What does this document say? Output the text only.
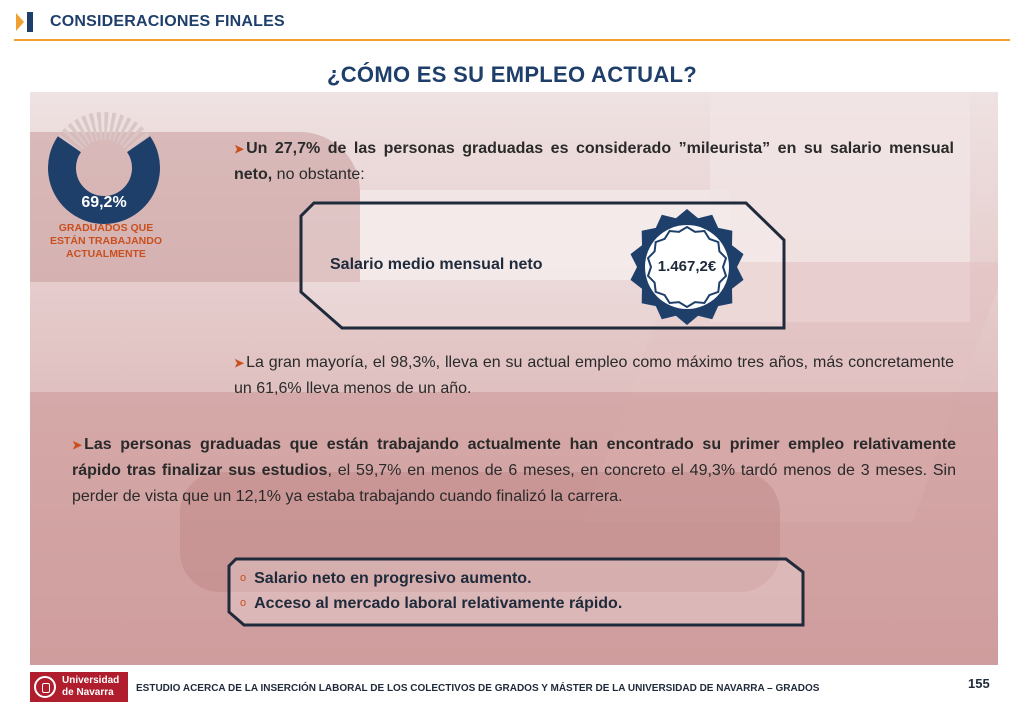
CONSIDERACIONES FINALES
¿CÓMO ES SU EMPLEO ACTUAL?
69,2%
GRADUADOS QUE
ESTÁN TRABAJANDO
ACTUALMENTE
➤ Un 27,7% de las personas graduadas es considerado ”mileurista” en su salario mensual neto, no obstante:
Salario medio mensual neto	1.467,2€
➤ La gran mayoría, el 98,3%, lleva en su actual empleo como máximo tres años, más concretamente un 61,6% lleva menos de un año.
➤ Las personas graduadas que están trabajando actualmente han encontrado su primer empleo relativamente rápido tras finalizar sus estudios, el 59,7% en menos de 6 meses, en concreto el 49,3% tardó menos de 3 meses. Sin perder de vista que un 12,1% ya estaba trabajando cuando finalizó la carrera.
o Salario neto en progresivo aumento.
o Acceso al mercado laboral relativamente rápido.
Universidad
de Navarra	ESTUDIO ACERCA DE LA INSERCIÓN LABORAL DE LOS COLECTIVOS DE GRADOS Y MÁSTER DE LA UNIVERSIDAD DE NAVARRA – GRADOS	155
